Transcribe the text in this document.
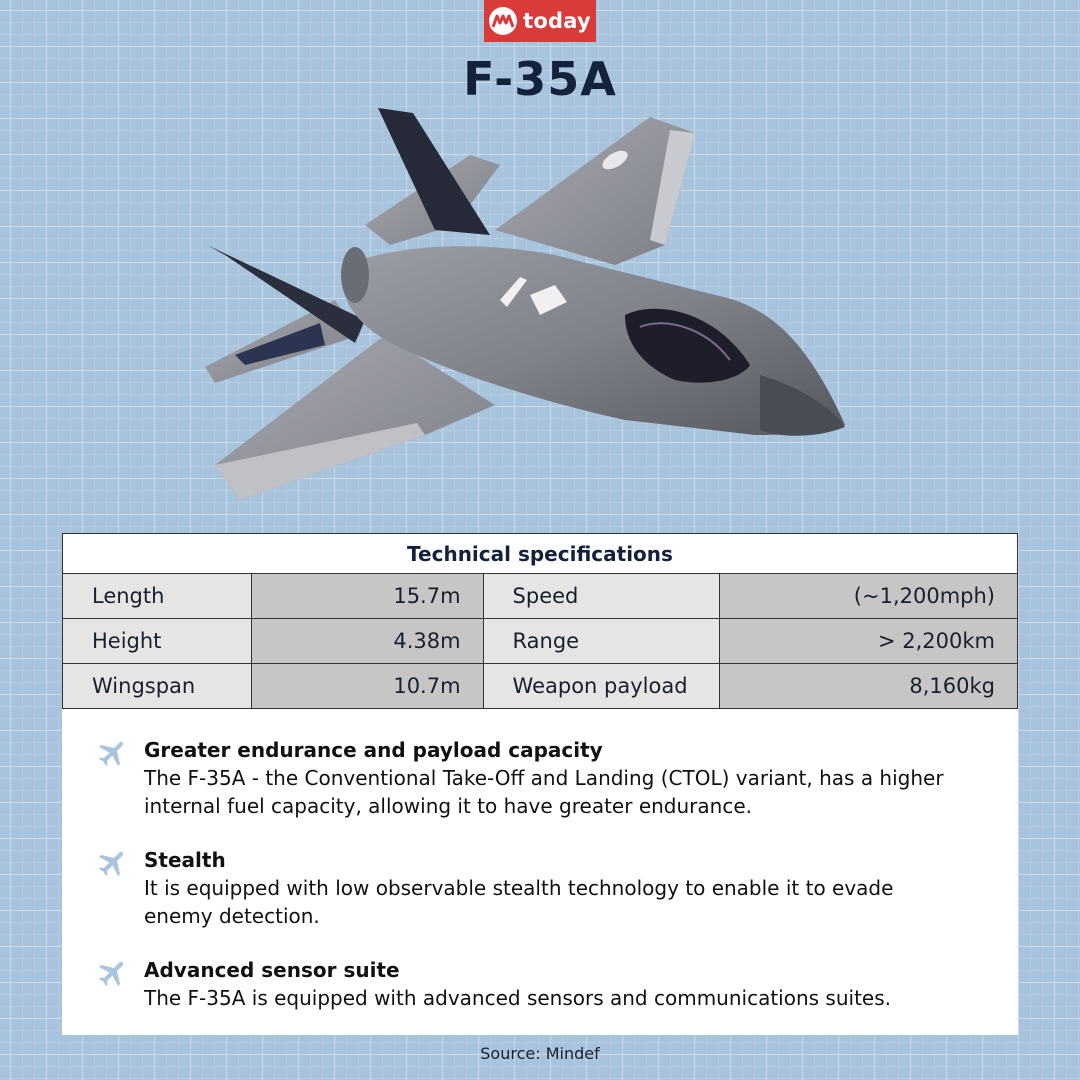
today
F-35A
Technical specifications			
Length	15.7m	Speed	(~1,200mph)
Height	4.38m	Range	> 2,200km
Wingspan	10.7m	Weapon payload	8,160kg
Greater endurance and payload capacity
The F-35A - the Conventional Take-Off and Landing (CTOL) variant, has a higher internal fuel capacity, allowing it to have greater endurance.
Stealth
It is equipped with low observable stealth technology to enable it to evade enemy detection.
Advanced sensor suite
The F-35A is equipped with advanced sensors and communications suites.
Source: Mindef
